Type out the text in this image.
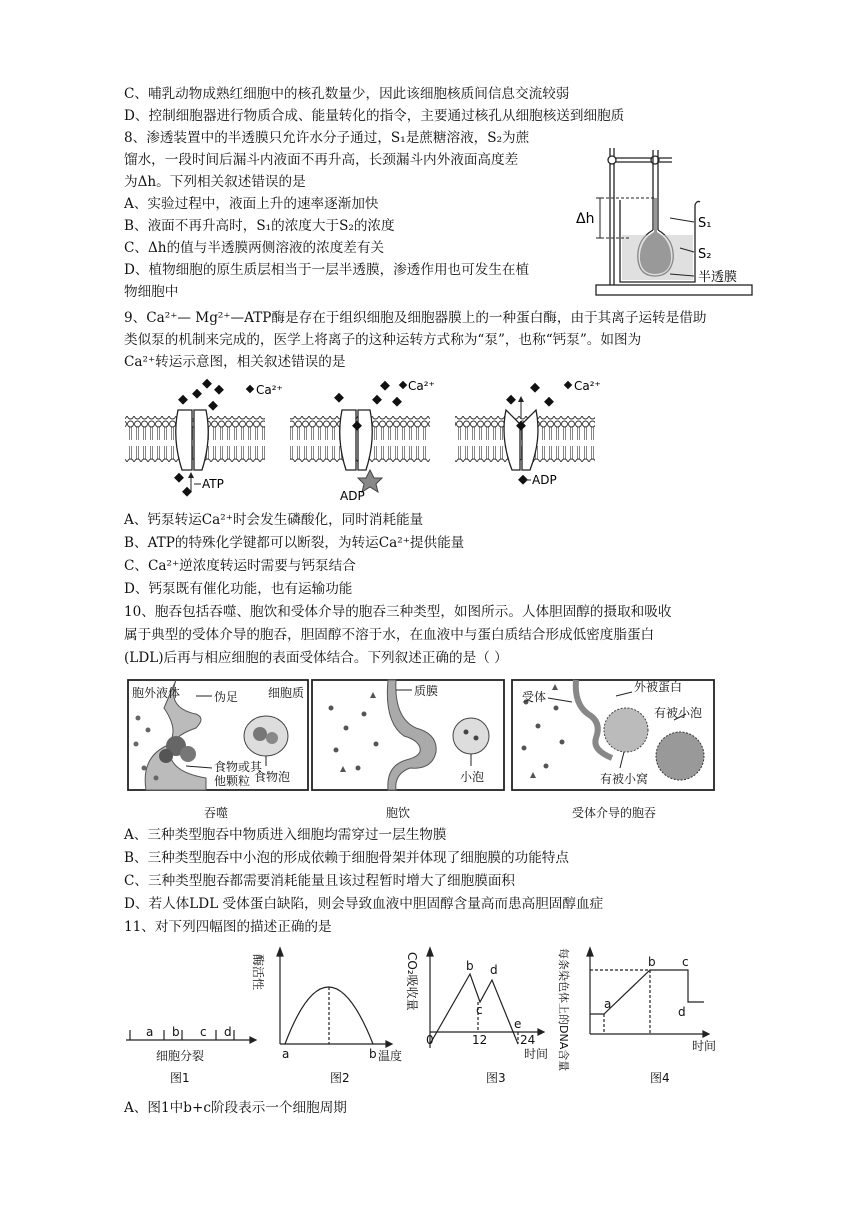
C、哺乳动物成熟红细胞中的核孔数量少，因此该细胞核质间信息交流较弱
D、控制细胞器进行物质合成、能量转化的指令，主要通过核孔从细胞核送到细胞质
8、渗透装置中的半透膜只允许水分子通过，S₁是蔗糖溶液，S₂为蔗
馏水，一段时间后漏斗内液面不再升高，长颈漏斗内外液面高度差
为Δh。下列相关叙述错误的是
A、实验过程中，液面上升的速率逐渐加快
B、液面不再升高时，S₁的浓度大于S₂的浓度
C、Δh的值与半透膜两侧溶液的浓度差有关
D、植物细胞的原生质层相当于一层半透膜，渗透作用也可发生在植
物细胞中
9、Ca²⁺— Mg²⁺—ATP酶是存在于组织细胞及细胞器膜上的一种蛋白酶，由于其离子运转是借助
类似泵的机制来完成的，医学上将离子的这种运转方式称为“泵”，也称“钙泵”。如图为
Ca²⁺转运示意图，相关叙述错误的是
A、钙泵转运Ca²⁺时会发生磷酸化，同时消耗能量
B、ATP的特殊化学键都可以断裂，为转运Ca²⁺提供能量
C、Ca²⁺逆浓度转运时需要与钙泵结合
D、钙泵既有催化功能，也有运输功能
10、胞吞包括吞噬、胞饮和受体介导的胞吞三种类型，如图所示。人体胆固醇的摄取和吸收
属于典型的受体介导的胞吞，胆固醇不溶于水，在血液中与蛋白质结合形成低密度脂蛋白
(LDL)后再与相应细胞的表面受体结合。下列叙述正确的是（ ）
A、三种类型胞吞中物质进入细胞均需穿过一层生物膜
B、三种类型胞吞中小泡的形成依赖于细胞骨架并体现了细胞膜的功能特点
C、三种类型胞吞都需要消耗能量且该过程暂时增大了细胞膜面积
D、若人体LDL 受体蛋白缺陷，则会导致血液中胆固醇含量高而患高胆固醇血症
11、对下列四幅图的描述正确的是
A、图1中b+c阶段表示一个细胞周期
Δh	S₁
S₂
半透膜
ATP
ADP
Ca²⁺
ADP
Ca²⁺
Ca²⁺
胞外液体	细胞质
伪足
食物或其
他颗粒 食物泡
质膜
小泡
受体
外被蛋白
有被小泡
有被小窝
吞噬	胞饮	受体介导的胞吞
a b c d
细胞分裂
图1
酶活性
a	b 温度
图2
CO₂吸收量	b
c
d
e
0	12	24
时间
图3
每条染色体上的DNA含量	a
b c
d
时间
图4
